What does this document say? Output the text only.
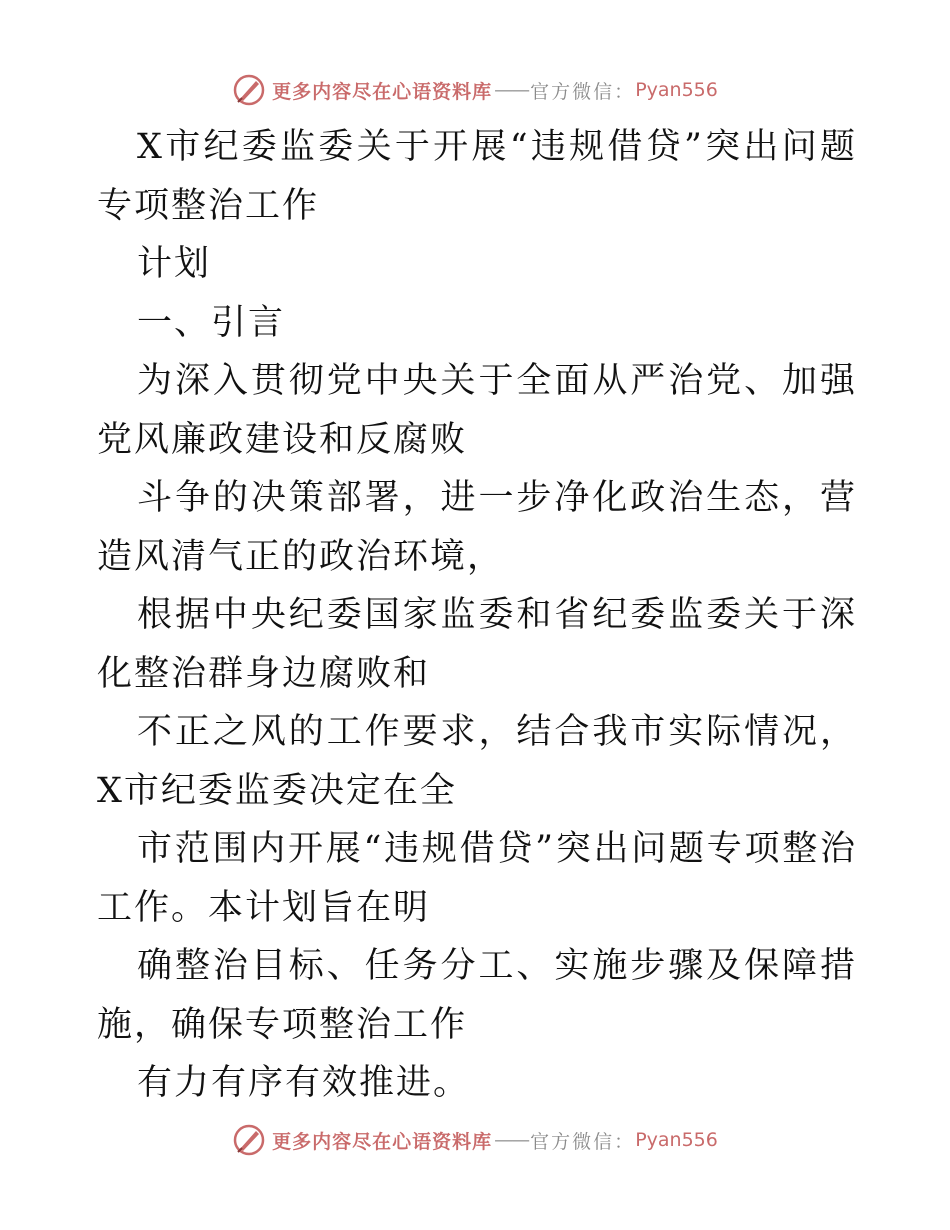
更多内容尽在心语资料库 —— 官方微信： Pyan556

X市纪委监委关于开展“违规借贷”突出问题专项整治工作

计划

一、引言

为深入贯彻党中央关于全面从严治党、加强党风廉政建设和反腐败

斗争的决策部署，进一步净化政治生态，营造风清气正的政治环境，

根据中央纪委国家监委和省纪委监委关于深化整治群身边腐败和

不正之风的工作要求，结合我市实际情况，X市纪委监委决定在全

市范围内开展“违规借贷”突出问题专项整治工作。本计划旨在明

确整治目标、任务分工、实施步骤及保障措施，确保专项整治工作

有力有序有效推进。

更多内容尽在心语资料库 —— 官方微信： Pyan556
